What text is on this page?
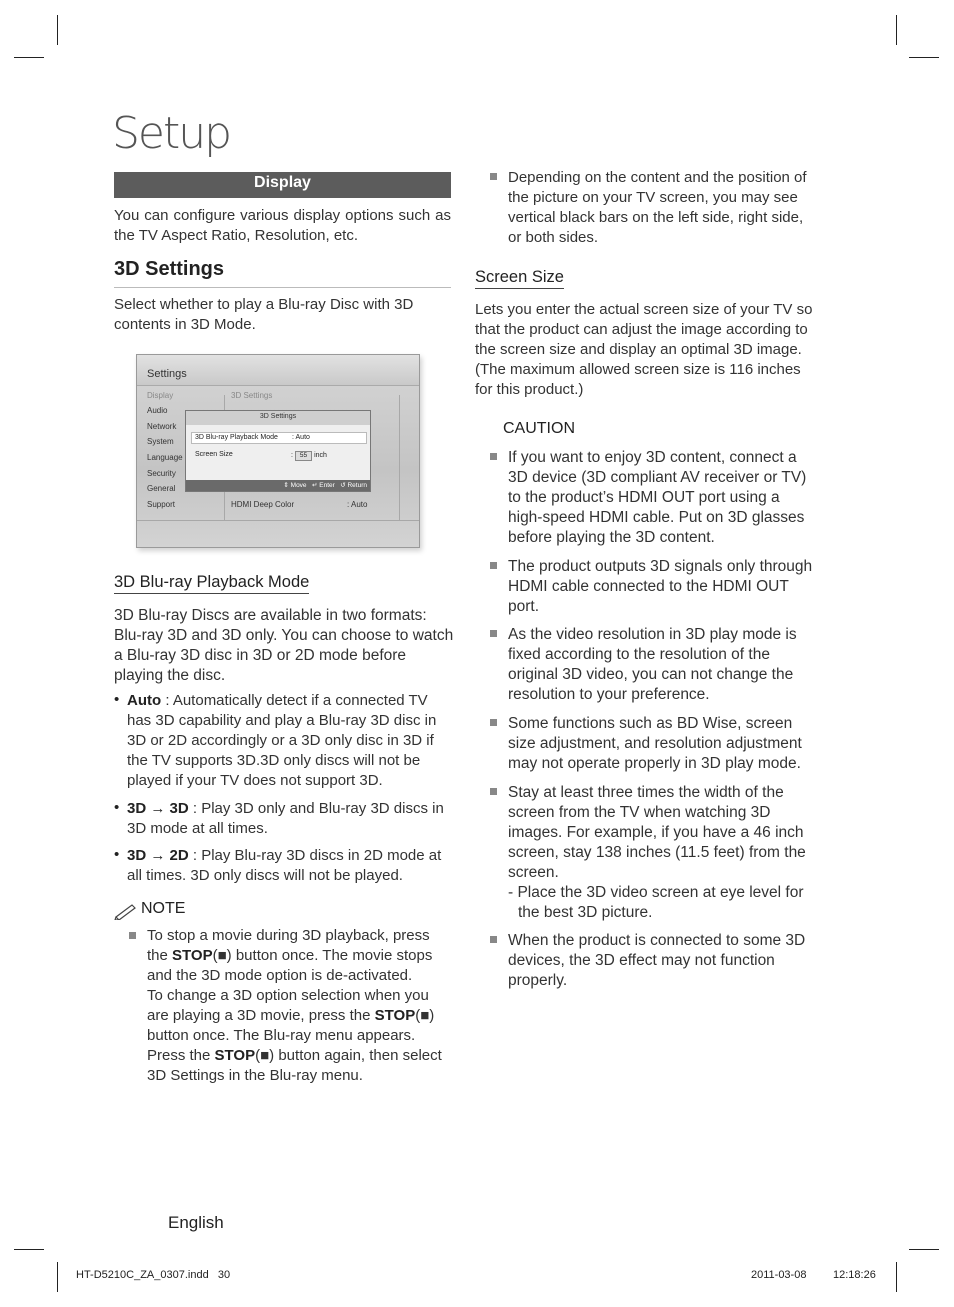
Setup
Display
You can configure various display options such as the TV Aspect Ratio, Resolution, etc.
3D Settings
Select whether to play a Blu-ray Disc with 3D contents in 3D Mode.
Settings
Display
Audio
Network
System
Language
Security
General
Support
3D Settings
HDMI Deep Color	: Auto
3D Settings
3D Blu-ray Playback Mode : Auto
Screen Size	: 55 inch
⇕ Move ↵ Enter ↺ Return
3D Blu-ray Playback Mode
3D Blu-ray Discs are available in two formats: Blu-ray 3D and 3D only. You can choose to watch a Blu-ray 3D disc in 3D or 2D mode before playing the disc.
• Auto : Automatically detect if a connected TV has 3D capability and play a Blu-ray 3D disc in 3D or 2D accordingly or a 3D only disc in 3D if the TV supports 3D.3D only discs will not be played if your TV does not support 3D.
• 3D → 3D : Play 3D only and Blu-ray 3D discs in 3D mode at all times.
• 3D → 2D : Play Blu-ray 3D discs in 2D mode at all times. 3D only discs will not be played.
NOTE
To stop a movie during 3D playback, press the STOP(■) button once. The movie stops and the 3D mode option is de-activated.
To change a 3D option selection when you are playing a 3D movie, press the STOP(■) button once. The Blu-ray menu appears. Press the STOP(■) button again, then select 3D Settings in the Blu-ray menu.
Depending on the content and the position of the picture on your TV screen, you may see vertical black bars on the left side, right side, or both sides.
Screen Size
Lets you enter the actual screen size of your TV so that the product can adjust the image according to the screen size and display an optimal 3D image. (The maximum allowed screen size is 116 inches for this product.)
CAUTION
If you want to enjoy 3D content, connect a 3D device (3D compliant AV receiver or TV) to the product’s HDMI OUT port using a high-speed HDMI cable. Put on 3D glasses before playing the 3D content.
The product outputs 3D signals only through HDMI cable connected to the HDMI OUT port.
As the video resolution in 3D play mode is fixed according to the resolution of the original 3D video, you can not change the resolution to your preference.
Some functions such as BD Wise, screen size adjustment, and resolution adjustment may not operate properly in 3D play mode.
Stay at least three times the width of the screen from the TV when watching 3D images. For example, if you have a 46 inch screen, stay 138 inches (11.5 feet) from the screen.
- Place the 3D video screen at eye level for the best 3D picture.
When the product is connected to some 3D devices, the 3D effect may not function properly.
English
HT-D5210C_ZA_0307.indd   30	2011-03-08 12:18:26
